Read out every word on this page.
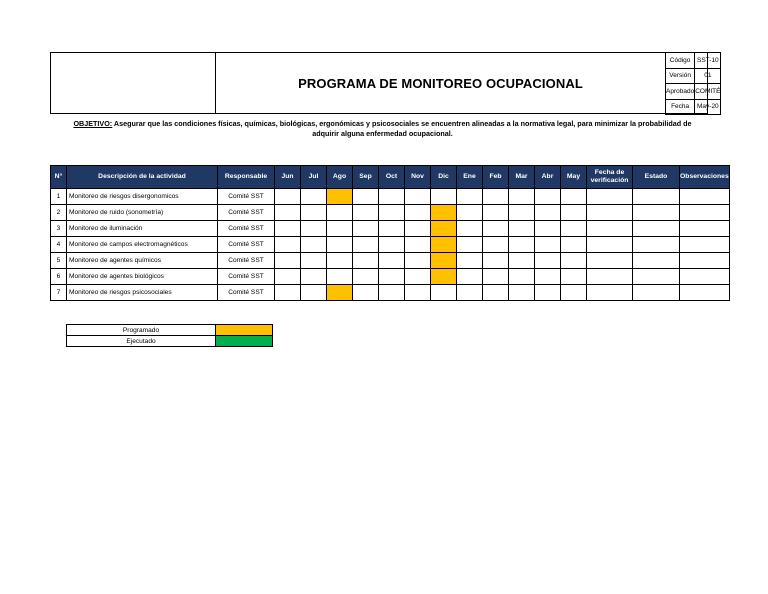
PROGRAMA DE MONITOREO OCUPACIONAL
Código	SST-10
Versión	01
Aprobado	COMITÉ
Fecha	May-20
OBJETIVO: Asegurar que las condiciones físicas, químicas, biológicas, ergonómicas y psicosociales se encuentren alineadas a la normativa legal, para minimizar la probabilidad de adquirir alguna enfermedad ocupacional.
N°	Descripción de la actividad	Responsable	Jun	Jul	Ago	Sep	Oct	Nov	Dic	Ene	Feb	Mar	Abr	May	Fecha de verificación	Estado	Observaciones
1	Monitoreo de riesgos disergonomicos	Comité SST															
2	Monitoreo de ruido (sonometría)	Comité SST															
3	Monitoreo de iluminación	Comité SST															
4	Monitoreo de campos electromagnéticos	Comité SST															
5	Monitoreo de agentes químicos	Comité SST															
6	Monitoreo de agentes biológicos	Comité SST															
7	Monitoreo de riesgos psicosociales	Comité SST															
Programado	
Ejecutado	
